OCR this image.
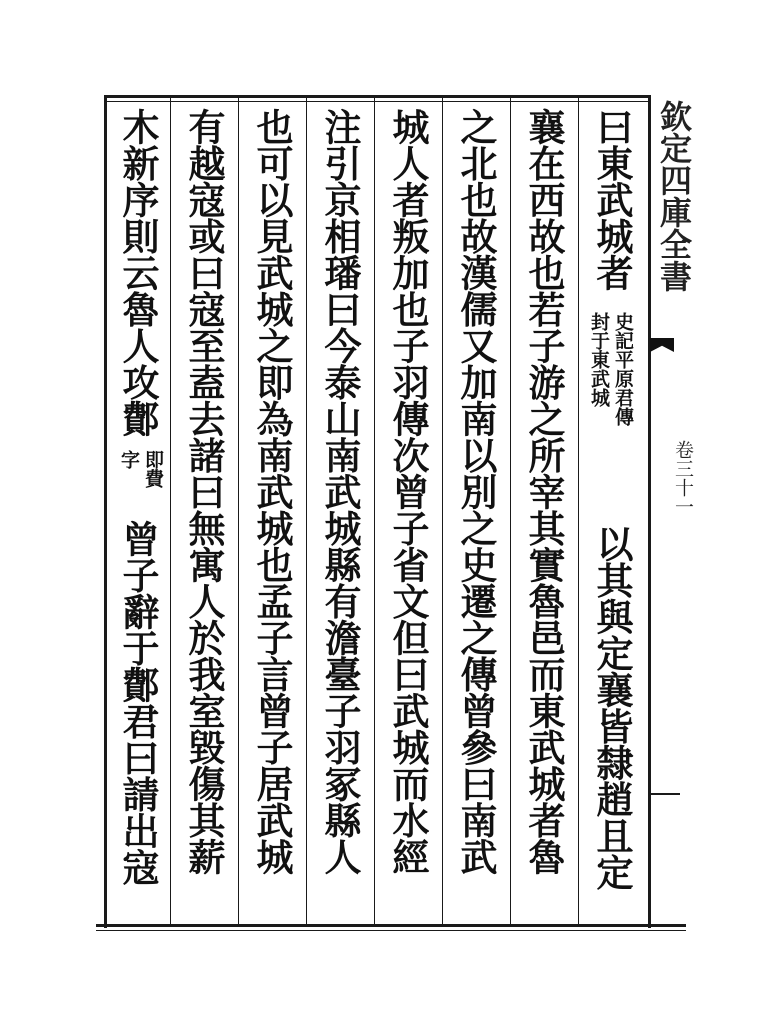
欽定四庫全書
卷三十一
曰東武城者
史記平原君傳
封于東武城
以其與定襄皆隸趙且定
襄在西故也若子游之所宰其實魯邑而東武城者魯
之北也故漢儒又加南以別之史遷之傳曾參曰南武
城人者叛加也子羽傳次曾子省文但曰武城而水經
注引京相璠曰今泰山南武城縣有澹臺子羽冢縣人
也可以見武城之即為南武城也孟子言曾子居武城
有越寇或曰寇至盍去諸曰無寓人於我室毀傷其薪
木新序則云魯人攻鄪
即費
字
曾子辭于鄪君曰請出寇
